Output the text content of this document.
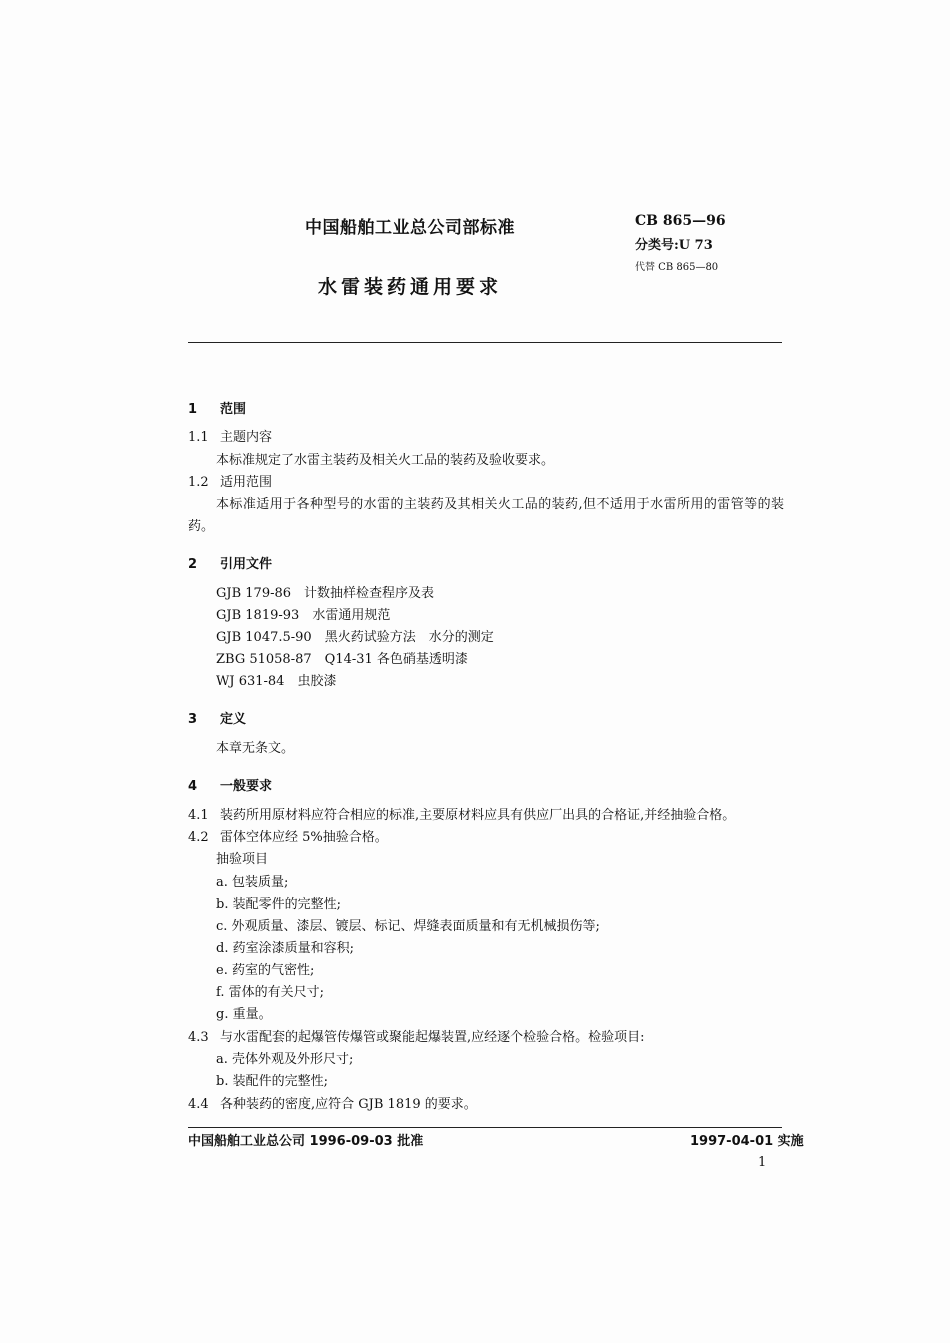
中国船舶工业总公司部标准
水雷装药通用要求
CB 865—96
分类号:U 73
代替 CB 865—80
1 范围
1.1 主题内容
本标准规定了水雷主装药及相关火工品的装药及验收要求。
1.2 适用范围
本标准适用于各种型号的水雷的主装药及其相关火工品的装药,但不适用于水雷所用的雷管等的装药。
2 引用文件
GJB 179-86　 计数抽样检查程序及表
GJB 1819-93　 水雷通用规范
GJB 1047.5-90　 黑火药试验方法　水分的测定
ZBG 51058-87　 Q14-31 各色硝基透明漆
WJ 631-84　 虫胶漆
3 定义
本章无条文。
4 一般要求
4.1 装药所用原材料应符合相应的标准,主要原材料应具有供应厂出具的合格证,并经抽验合格。
4.2 雷体空体应经 5%抽验合格。
抽验项目
a. 包装质量;
b. 装配零件的完整性;
c. 外观质量、漆层、镀层、标记、焊缝表面质量和有无机械损伤等;
d. 药室涂漆质量和容积;
e. 药室的气密性;
f. 雷体的有关尺寸;
g. 重量。
4.3 与水雷配套的起爆管传爆管或聚能起爆装置,应经逐个检验合格。检验项目:
a. 壳体外观及外形尺寸;
b. 装配件的完整性;
4.4 各种装药的密度,应符合 GJB 1819 的要求。
中国船舶工业总公司 1996-09-03 批准	1997-04-01 实施
1
